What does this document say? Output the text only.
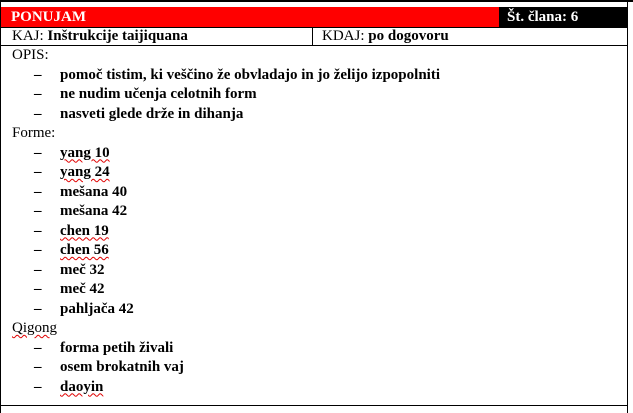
PONUJAM	Št. člana: 6
KAJ: Inštrukcije taijiquana	KDAJ: po dogovoru
OPIS:
– pomoč tistim, ki veščino že obvladajo in jo želijo izpopolniti
– ne nudim učenja celotnih form
– nasveti glede drže in dihanja
Forme:
– yang 10
– yang 24
– mešana 40
– mešana 42
– chen 19
– chen 56
– meč 32
– meč 42
– pahljača 42
Qigong
– forma petih živali
– osem brokatnih vaj
– daoyin
